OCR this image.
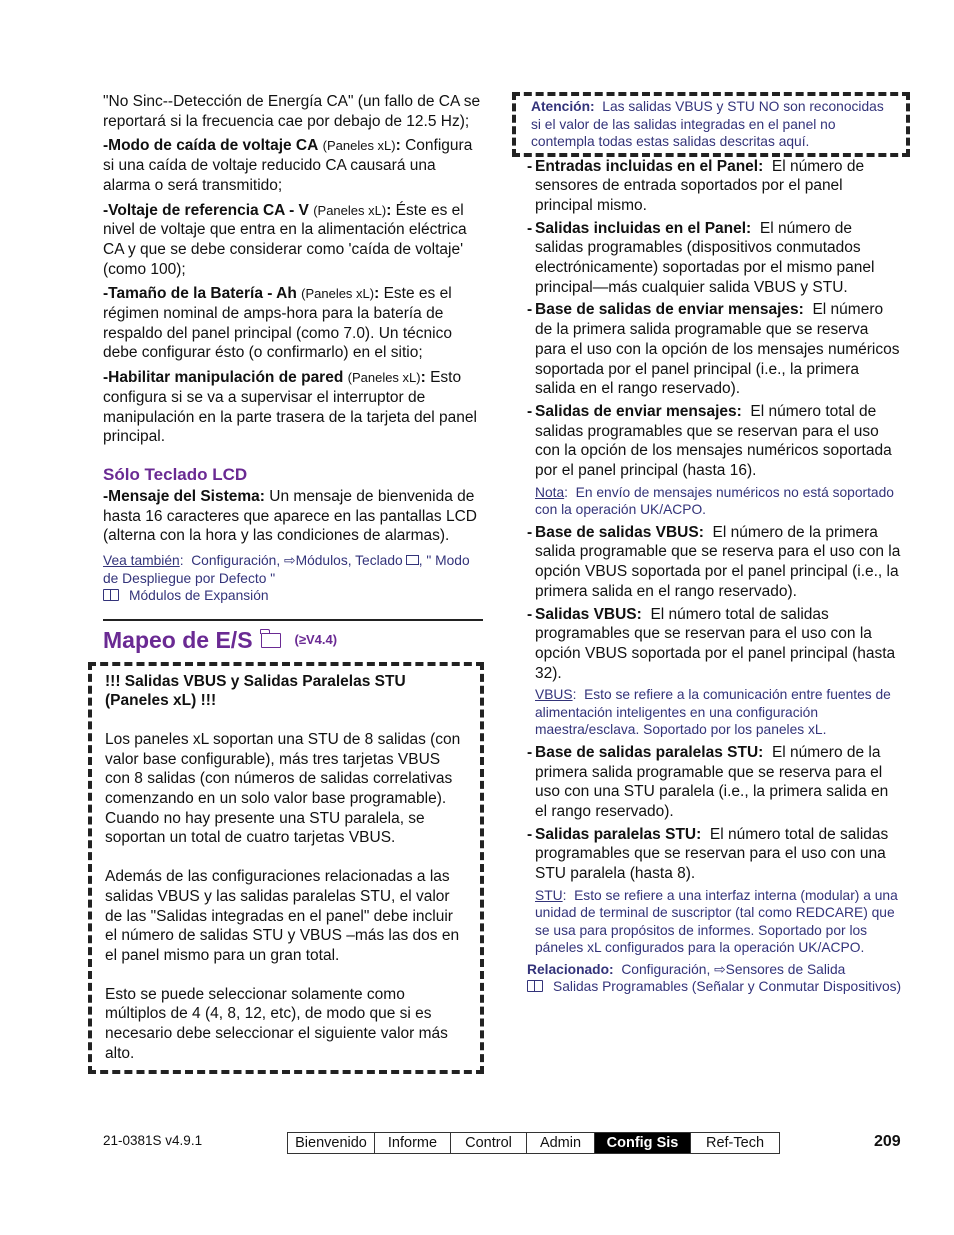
"No Sinc--Detección de Energía CA" (un fallo de CA se reportará si la frecuencia cae por debajo de 12.5 Hz);

-Modo de caída de voltaje CA (Paneles xL): Configura si una caída de voltaje reducido CA causará una alarma o será transmitido;

-Voltaje de referencia CA - V (Paneles xL): Éste es el nivel de voltaje que entra en la alimentación eléctrica CA y que se debe considerar como 'caída de voltaje' (como 100);

-Tamaño de la Batería - Ah (Paneles xL): Este es el régimen nominal de amps-hora para la batería de respaldo del panel principal (como 7.0). Un técnico debe configurar ésto (o confirmarlo) en el sitio;

-Habilitar manipulación de pared (Paneles xL): Esto configura si se va a supervisar el interruptor de manipulación en la parte trasera de la tarjeta del panel principal.

Sólo Teclado LCD

-Mensaje del Sistema: Un mensaje de bienvenida de hasta 16 caracteres que aparece en las pantallas LCD (alterna con la hora y las condiciones de alarmas).

Vea también:  Configuración, ⇨Módulos, Teclado , " Modo de Despliegue por Defecto "
Módulos de Expansión
Mapeo de E/S	(≥V4.4)

!!! Salidas VBUS y Salidas Paralelas STU (Paneles xL) !!!

Los paneles xL soportan una STU de 8 salidas (con valor base configurable), más tres tarjetas VBUS con 8 salidas (con números de salidas correlativas comenzando en un solo valor base programable). Cuando no hay presente una STU paralela, se soportan un total de cuatro tarjetas VBUS.

Además de las configuraciones relacionadas a las salidas VBUS y las salidas paralelas STU, el valor de las "Salidas integradas en el panel" debe incluir el número de salidas STU y VBUS –más las dos en el panel mismo para un gran total.

Esto se puede seleccionar solamente como múltiplos de 4 (4, 8, 12, etc), de modo que si es necesario debe seleccionar el siguiente valor más alto.

Atención: Las salidas VBUS y STU NO son reconocidas si el valor de las salidas integradas en el panel no contempla todas estas salidas descritas aquí.
- Entradas incluidas en el Panel: El número de sensores de entrada soportados por el panel principal mismo.
- Salidas incluidas en el Panel: El número de salidas programables (dispositivos conmutados electrónicamente) soportadas por el mismo panel principal—más cualquier salida VBUS y STU.
- Base de salidas de enviar mensajes: El número de la primera salida programable que se reserva para el uso con la opción de los mensajes numéricos soportada por el panel principal (i.e., la primera salida en el rango reservado).
- Salidas de enviar mensajes: El número total de salidas programables que se reservan para el uso con la opción de los mensajes numéricos soportada por el panel principal (hasta 16).
Nota:  En envío de mensajes numéricos no está soportado con la operación UK/ACPO.
- Base de salidas VBUS: El número de la primera salida programable que se reserva para el uso con la opción VBUS soportada por el panel principal (i.e., la primera salida en el rango reservado).
- Salidas VBUS: El número total de salidas programables que se reservan para el uso con la opción VBUS soportada por el panel principal (hasta 32).
VBUS:  Esto se refiere a la comunicación entre fuentes de alimentación inteligentes en una configuración maestra/esclava. Soportado por los paneles xL.
- Base de salidas paralelas STU: El número de la primera salida programable que se reserva para el uso con una STU paralela (i.e., la primera salida en el rango reservado).
- Salidas paralelas STU: El número total de salidas programables que se reservan para el uso con una STU paralela (hasta 8).
STU:  Esto se refiere a una interfaz interna (modular) a una unidad de terminal de suscriptor (tal como REDCARE) que se usa para propósitos de informes. Soportado por los páneles xL configurados para la operación UK/ACPO.
Relacionado: Configuración, ⇨Sensores de Salida
Salidas Programables (Señalar y Conmutar Dispositivos)
21-0381S v4.9.1	Bienvenido	Informe	Control	Admin	Config Sis	Ref-Tech	209
